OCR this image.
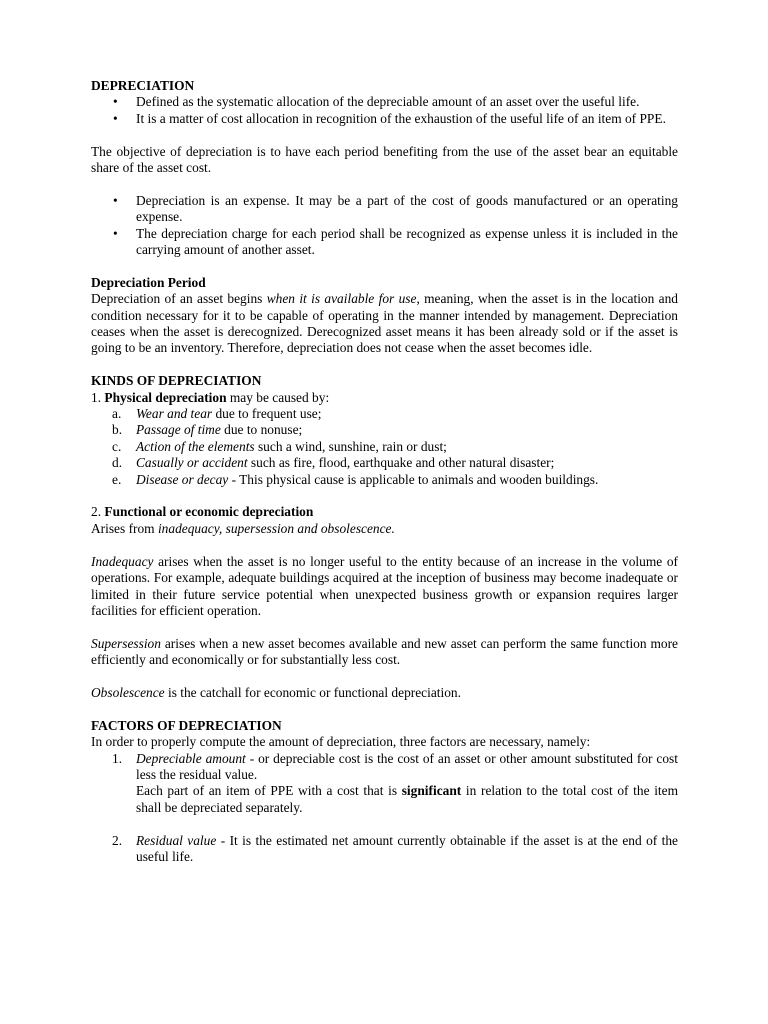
DEPRECIATION
• Defined as the systematic allocation of the depreciable amount of an asset over the useful life.
• It is a matter of cost allocation in recognition of the exhaustion of the useful life of an item of PPE.

The objective of depreciation is to have each period benefiting from the use of the asset bear an equitable share of the asset cost.

• Depreciation is an expense. It may be a part of the cost of goods manufactured or an operating expense.
• The depreciation charge for each period shall be recognized as expense unless it is included in the carrying amount of another asset.
Depreciation Period

Depreciation of an asset begins when it is available for use, meaning, when the asset is in the location and condition necessary for it to be capable of operating in the manner intended by management. Depreciation ceases when the asset is derecognized. Derecognized asset means it has been already sold or if the asset is going to be an inventory. Therefore, depreciation does not cease when the asset becomes idle.

KINDS OF DEPRECIATION

1. Physical depreciation may be caused by:

a. Wear and tear due to frequent use;
b. Passage of time due to nonuse;
c. Action of the elements such a wind, sunshine, rain or dust;
d. Casually or accident such as fire, flood, earthquake and other natural disaster;
e. Disease or decay - This physical cause is applicable to animals and wooden buildings.

2. Functional or economic depreciation

Arises from inadequacy, supersession and obsolescence.

Inadequacy arises when the asset is no longer useful to the entity because of an increase in the volume of operations. For example, adequate buildings acquired at the inception of business may become inadequate or limited in their future service potential when unexpected business growth or expansion requires larger facilities for efficient operation.

Supersession arises when a new asset becomes available and new asset can perform the same function more efficiently and economically or for substantially less cost.

Obsolescence is the catchall for economic or functional depreciation.

FACTORS OF DEPRECIATION

In order to properly compute the amount of depreciation, three factors are necessary, namely:

1. Depreciable amount - or depreciable cost is the cost of an asset or other amount substituted for cost less the residual value.
Each part of an item of PPE with a cost that is significant in relation to the total cost of the item shall be depreciated separately.
2. Residual value - It is the estimated net amount currently obtainable if the asset is at the end of the useful life.
